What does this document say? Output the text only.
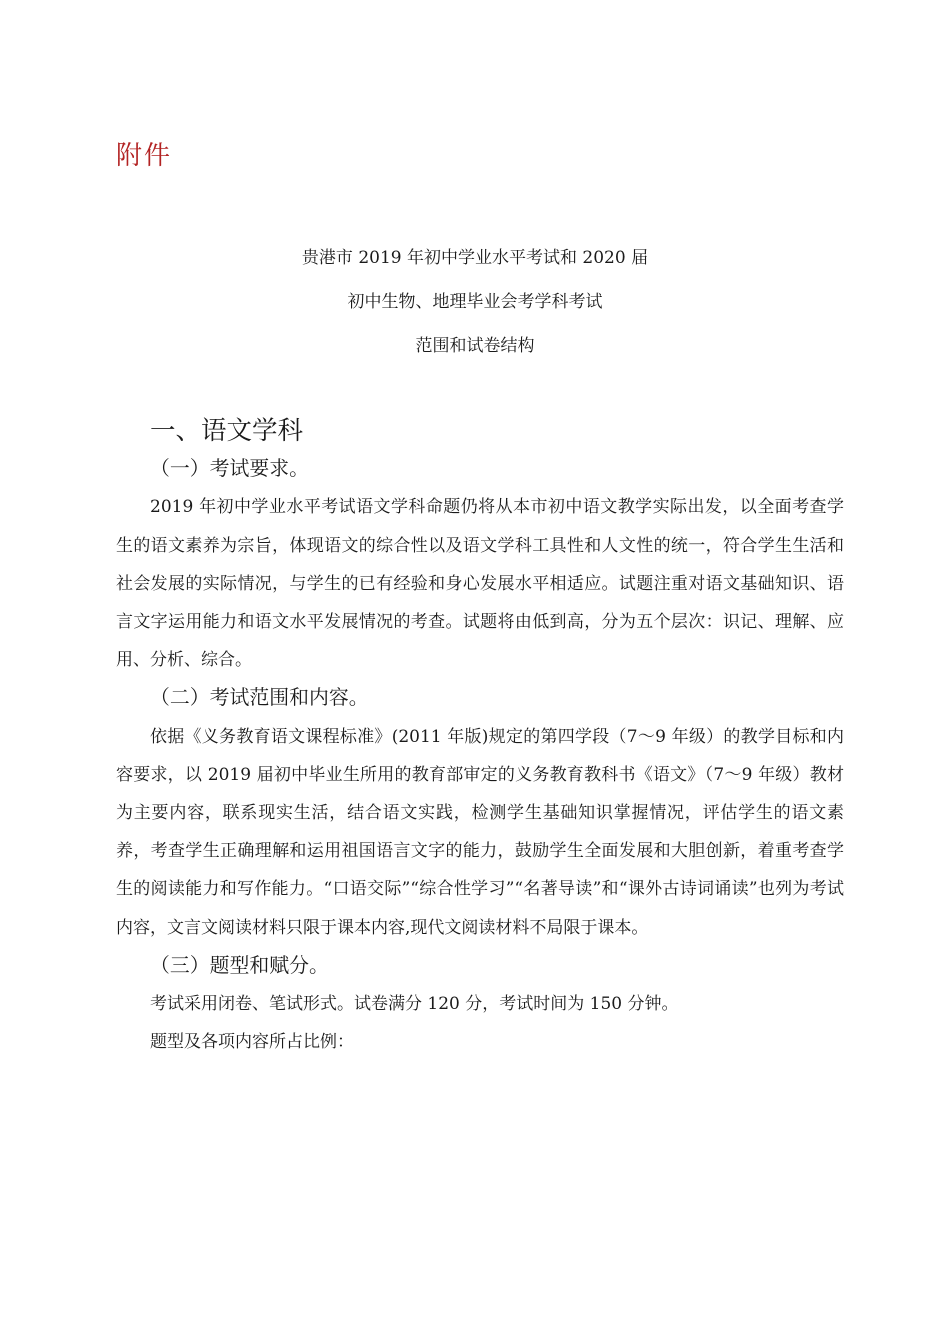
附件
贵港市 2019 年初中学业水平考试和 2020 届
初中生物、地理毕业会考学科考试
范围和试卷结构
一、语文学科
（一）考试要求。

2019 年初中学业水平考试语文学科命题仍将从本市初中语文教学实际出发，以全面考查学生的语文素养为宗旨，体现语文的综合性以及语文学科工具性和人文性的统一，符合学生生活和社会发展的实际情况，与学生的已有经验和身心发展水平相适应。试题注重对语文基础知识、语言文字运用能力和语文水平发展情况的考查。试题将由低到高，分为五个层次：识记、理解、应用、分析、综合。

（二）考试范围和内容。

依据《义务教育语文课程标准》(2011 年版)规定的第四学段（7～9 年级）的教学目标和内容要求，以 2019 届初中毕业生所用的教育部审定的义务教育教科书《语文》（7～9 年级）教材为主要内容，联系现实生活，结合语文实践，检测学生基础知识掌握情况，评估学生的语文素养，考查学生正确理解和运用祖国语言文字的能力，鼓励学生全面发展和大胆创新，着重考查学生的阅读能力和写作能力。“口语交际”“综合性学习”“名著导读”和“课外古诗词诵读”也列为考试内容，文言文阅读材料只限于课本内容,现代文阅读材料不局限于课本。

（三）题型和赋分。

考试采用闭卷、笔试形式。试卷满分 120 分，考试时间为 150 分钟。

题型及各项内容所占比例：
